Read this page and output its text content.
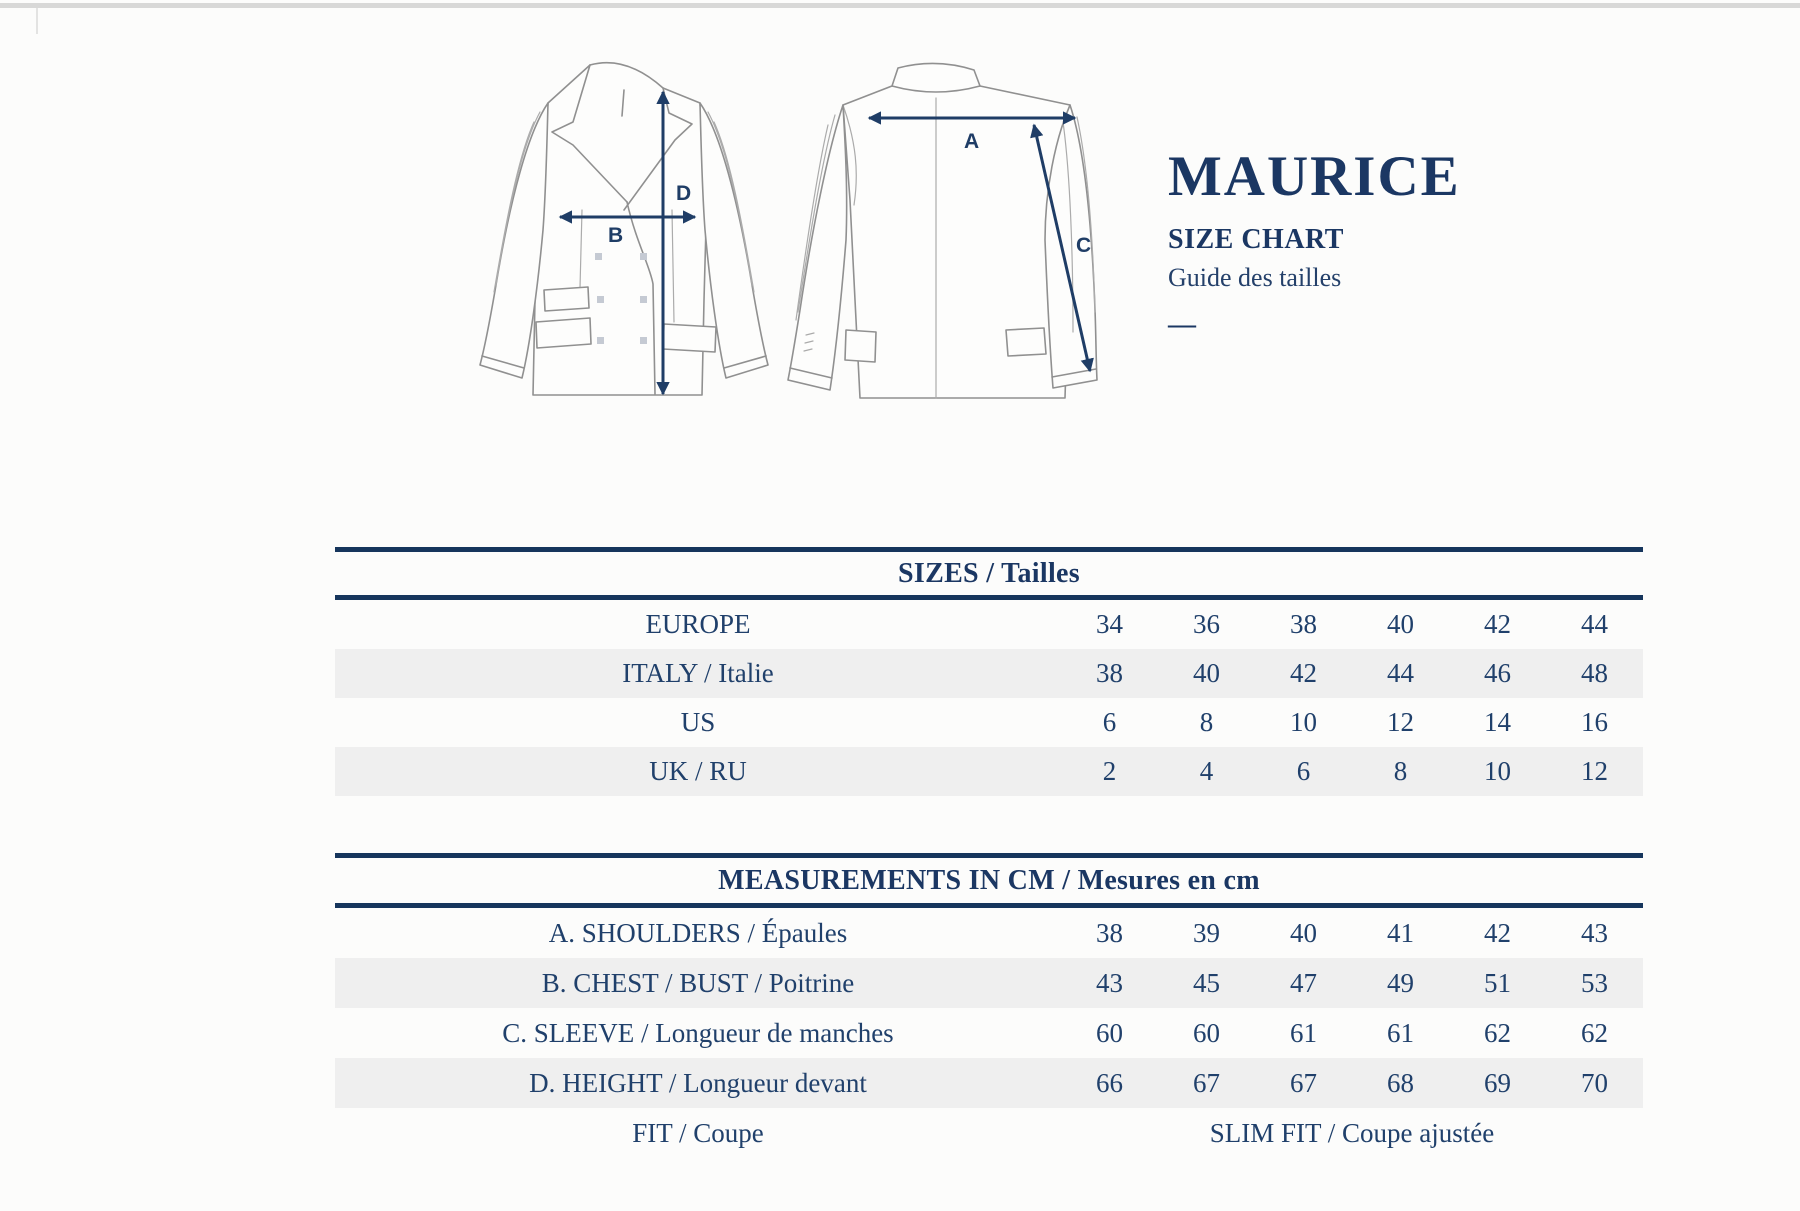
D
B
A
C
MAURICE
SIZE CHART
Guide des tailles
—
SIZES / Tailles
EUROPE	34	36	38	40	42	44
ITALY / Italie	38	40	42	44	46	48
US	6	8	10	12	14	16
UK / RU	2	4	6	8	10	12
MEASUREMENTS IN CM / Mesures en cm
A. SHOULDERS / Épaules	38	39	40	41	42	43
B. CHEST / BUST / Poitrine	43	45	47	49	51	53
C. SLEEVE / Longueur de manches	60	60	61	61	62	62
D. HEIGHT / Longueur devant	66	67	67	68	69	70
FIT / Coupe	SLIM FIT / Coupe ajustée
